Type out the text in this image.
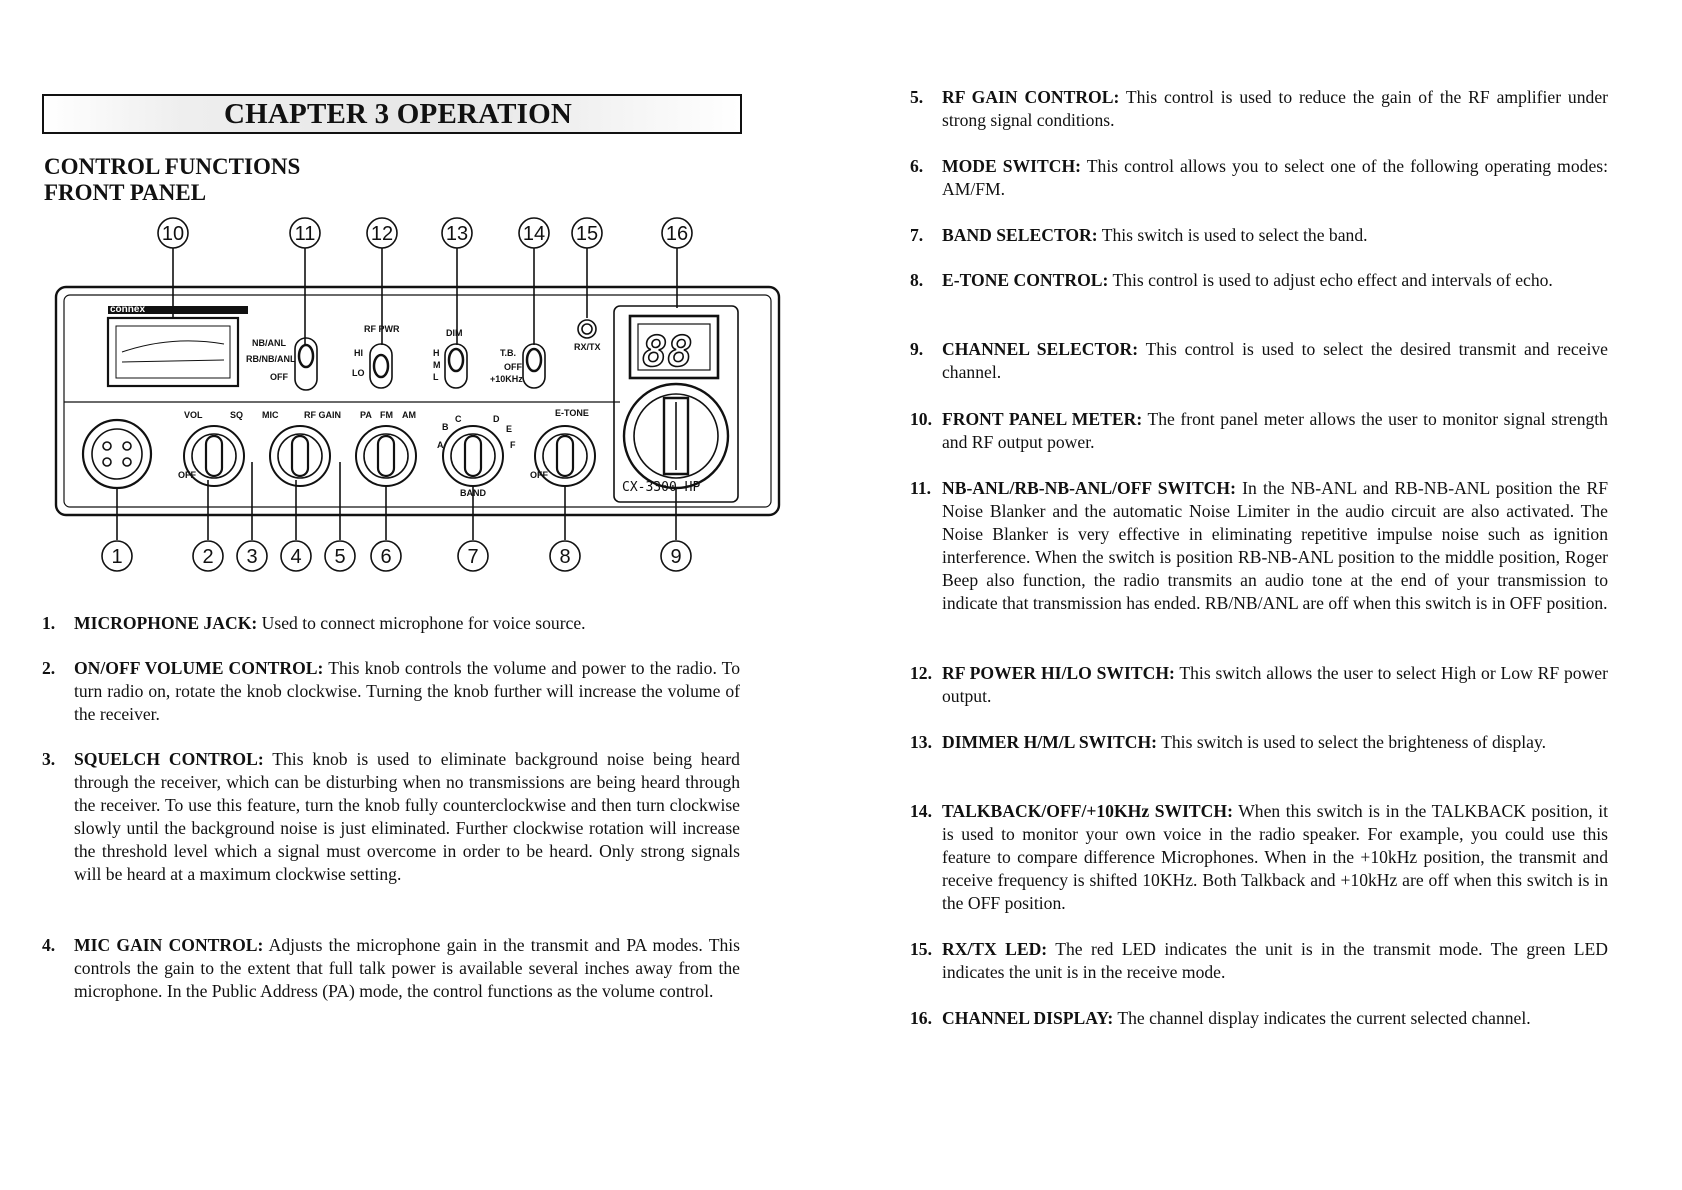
CHAPTER 3 OPERATION
CONTROL FUNCTIONS
FRONT PANEL
10	11	12	13	14 15	16
1	2 3 4 5 6	7	8	9
connex
NB/ANL
RB/NB/ANL
OFF
RF PWR
HI
LO
DIM
H
M
L
T.B.
OFF
+10KHz
RX/TX
VOL	SQ MIC	RF GAIN PA FM AM	E-TONE
OFF	OFF
BAND
A
B
C	D
E
F
88
CX-3300 HP
1. MICROPHONE JACK: Used to connect microphone for voice source.
2. ON/OFF VOLUME CONTROL: This knob controls the volume and power to the radio. To turn radio on, rotate the knob clockwise. Turning the knob further will increase the volume of the receiver.
3. SQUELCH CONTROL: This knob is used to eliminate background noise being heard through the receiver, which can be disturbing when no transmissions are being heard through the receiver. To use this feature, turn the knob fully counterclockwise and then turn clockwise slowly until the background noise is just eliminated. Further clockwise rotation will increase the threshold level which a signal must overcome in order to be heard. Only strong signals will be heard at a maximum clockwise setting.
4. MIC GAIN CONTROL: Adjusts the microphone gain in the transmit and PA modes. This controls the gain to the extent that full talk power is available several inches away from the microphone. In the Public Address (PA) mode, the control functions as the volume control.
5. RF GAIN CONTROL: This control is used to reduce the gain of the RF amplifier under strong signal conditions.
6. MODE SWITCH: This control allows you to select one of the following operating modes: AM/FM.
7. BAND SELECTOR: This switch is used to select the band.
8. E-TONE CONTROL: This control is used to adjust echo effect and intervals of echo.
9. CHANNEL SELECTOR: This control is used to select the desired transmit and receive channel.
10. FRONT PANEL METER: The front panel meter allows the user to monitor signal strength and RF output power.
11. NB-ANL/RB-NB-ANL/OFF SWITCH: In the NB-ANL and RB-NB-ANL position the RF Noise Blanker and the automatic Noise Limiter in the audio circuit are also activated. The Noise Blanker is very effective in eliminating repetitive impulse noise such as ignition interference. When the switch is position RB-NB-ANL position to the middle position, Roger Beep also function, the radio transmits an audio tone at the end of your transmission to indicate that transmission has ended. RB/NB/ANL are off when this switch is in OFF position.
12. RF POWER HI/LO SWITCH: This switch allows the user to select High or Low RF power output.
13. DIMMER H/M/L SWITCH: This switch is used to select the brighteness of display.
14. TALKBACK/OFF/+10KHz SWITCH: When this switch is in the TALKBACK position, it is used to monitor your own voice in the radio speaker. For example, you could use this feature to compare difference Microphones. When in the +10kHz position, the transmit and receive frequency is shifted 10KHz. Both Talkback and +10kHz are off when this switch is in the OFF position.
15. RX/TX LED: The red LED indicates the unit is in the transmit mode. The green LED indicates the unit is in the receive mode.
16. CHANNEL DISPLAY: The channel display indicates the current selected channel.
